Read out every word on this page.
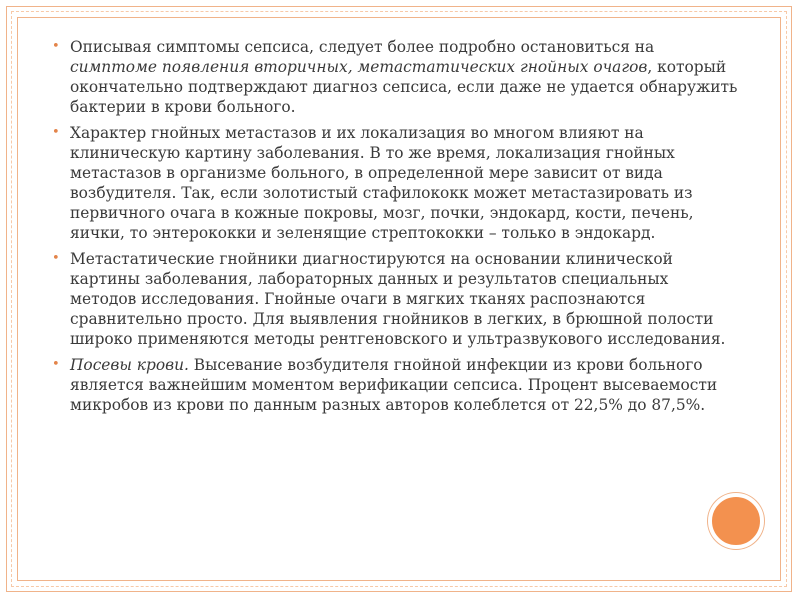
• Описывая симптомы сепсиса, следует более подробно остановиться на симптоме появления вторичных, метастатических гнойных очагов, который окончательно подтверждают диагноз сепсиса, если даже не удается обнаружить бактерии в крови больного.

• Характер гнойных метастазов и их локализация во многом влияют на клиническую картину заболевания. В то же время, локализация гнойных метастазов в организме больного, в определенной мере зависит от вида возбудителя. Так, если золотистый стафилококк может метастазировать из первичного очага в кожные покровы, мозг, почки, эндокард, кости, печень, яички, то энтерококки и зеленящие стрептококки – только в эндокард.

• Метастатические гнойники диагностируются на основании клинической картины заболевания, лабораторных данных и результатов специальных методов исследования. Гнойные очаги в мягких тканях распознаются сравнительно просто. Для выявления гнойников в легких, в брюшной полости широко применяются методы рентгеновского и ультразвукового исследования.

• Посевы крови. Высевание возбудителя гнойной инфекции из крови больного является важнейшим моментом верификации сепсиса. Процент высеваемости микробов из крови по данным разных авторов колеблется от 22,5% до 87,5%.
